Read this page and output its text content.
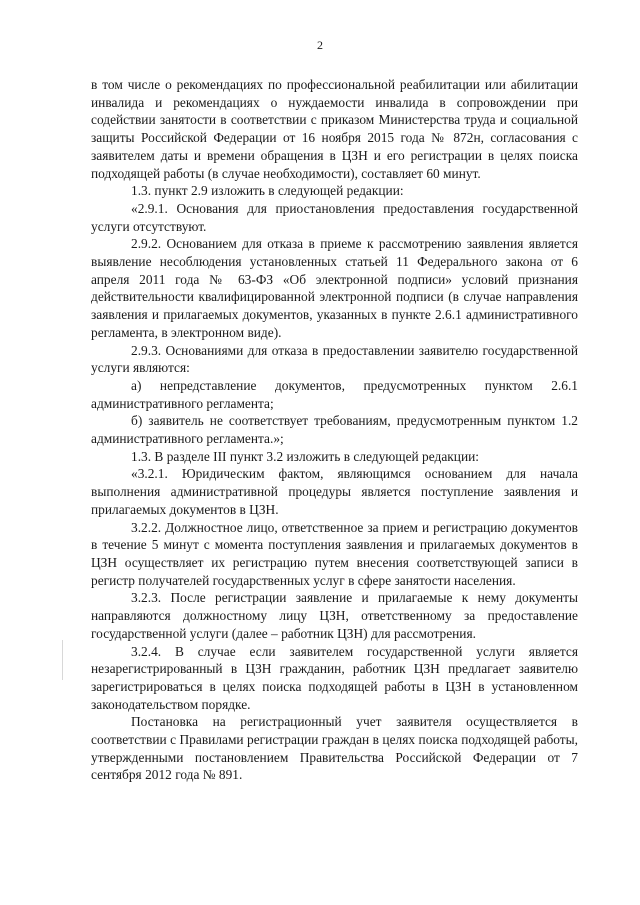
2

в том числе о рекомендациях по профессиональной реабилитации или абилитации инвалида и рекомендациях о нуждаемости инвалида в сопровождении при содействии занятости в соответствии с приказом Министерства труда и социальной защиты Российской Федерации от 16 ноября 2015 года № 872н, согласования с заявителем даты и времени обращения в ЦЗН и его регистрации в целях поиска подходящей работы (в случае необходимости), составляет 60 минут.

1.3. пункт 2.9 изложить в следующей редакции:

«2.9.1. Основания для приостановления предоставления государственной услуги отсутствуют.

2.9.2. Основанием для отказа в приеме к рассмотрению заявления является выявление несоблюдения установленных статьей 11 Федерального закона от 6 апреля 2011 года № 63-ФЗ «Об электронной подписи» условий признания действительности квалифицированной электронной подписи (в случае направления заявления и прилагаемых документов, указанных в пункте 2.6.1 административного регламента, в электронном виде).

2.9.3. Основаниями для отказа в предоставлении заявителю государственной услуги являются:

а) непредставление документов, предусмотренных пунктом 2.6.1 административного регламента;

б) заявитель не соответствует требованиям, предусмотренным пунктом 1.2 административного регламента.»;

1.3. В разделе III пункт 3.2 изложить в следующей редакции:

«3.2.1. Юридическим фактом, являющимся основанием для начала выполнения административной процедуры является поступление заявления и прилагаемых документов в ЦЗН.

3.2.2. Должностное лицо, ответственное за прием и регистрацию документов в течение 5 минут с момента поступления заявления и прилагаемых документов в ЦЗН осуществляет их регистрацию путем внесения соответствующей записи в регистр получателей государственных услуг в сфере занятости населения.

3.2.3. После регистрации заявление и прилагаемые к нему документы направляются должностному лицу ЦЗН, ответственному за предоставление государственной услуги (далее – работник ЦЗН) для рассмотрения.

3.2.4. В случае если заявителем государственной услуги является незарегистрированный в ЦЗН гражданин, работник ЦЗН предлагает заявителю зарегистрироваться в целях поиска подходящей работы в ЦЗН в установленном законодательством порядке.

Постановка на регистрационный учет заявителя осуществляется в соответствии с Правилами регистрации граждан в целях поиска подходящей работы, утвержденными постановлением Правительства Российской Федерации от 7 сентября 2012 года № 891.
